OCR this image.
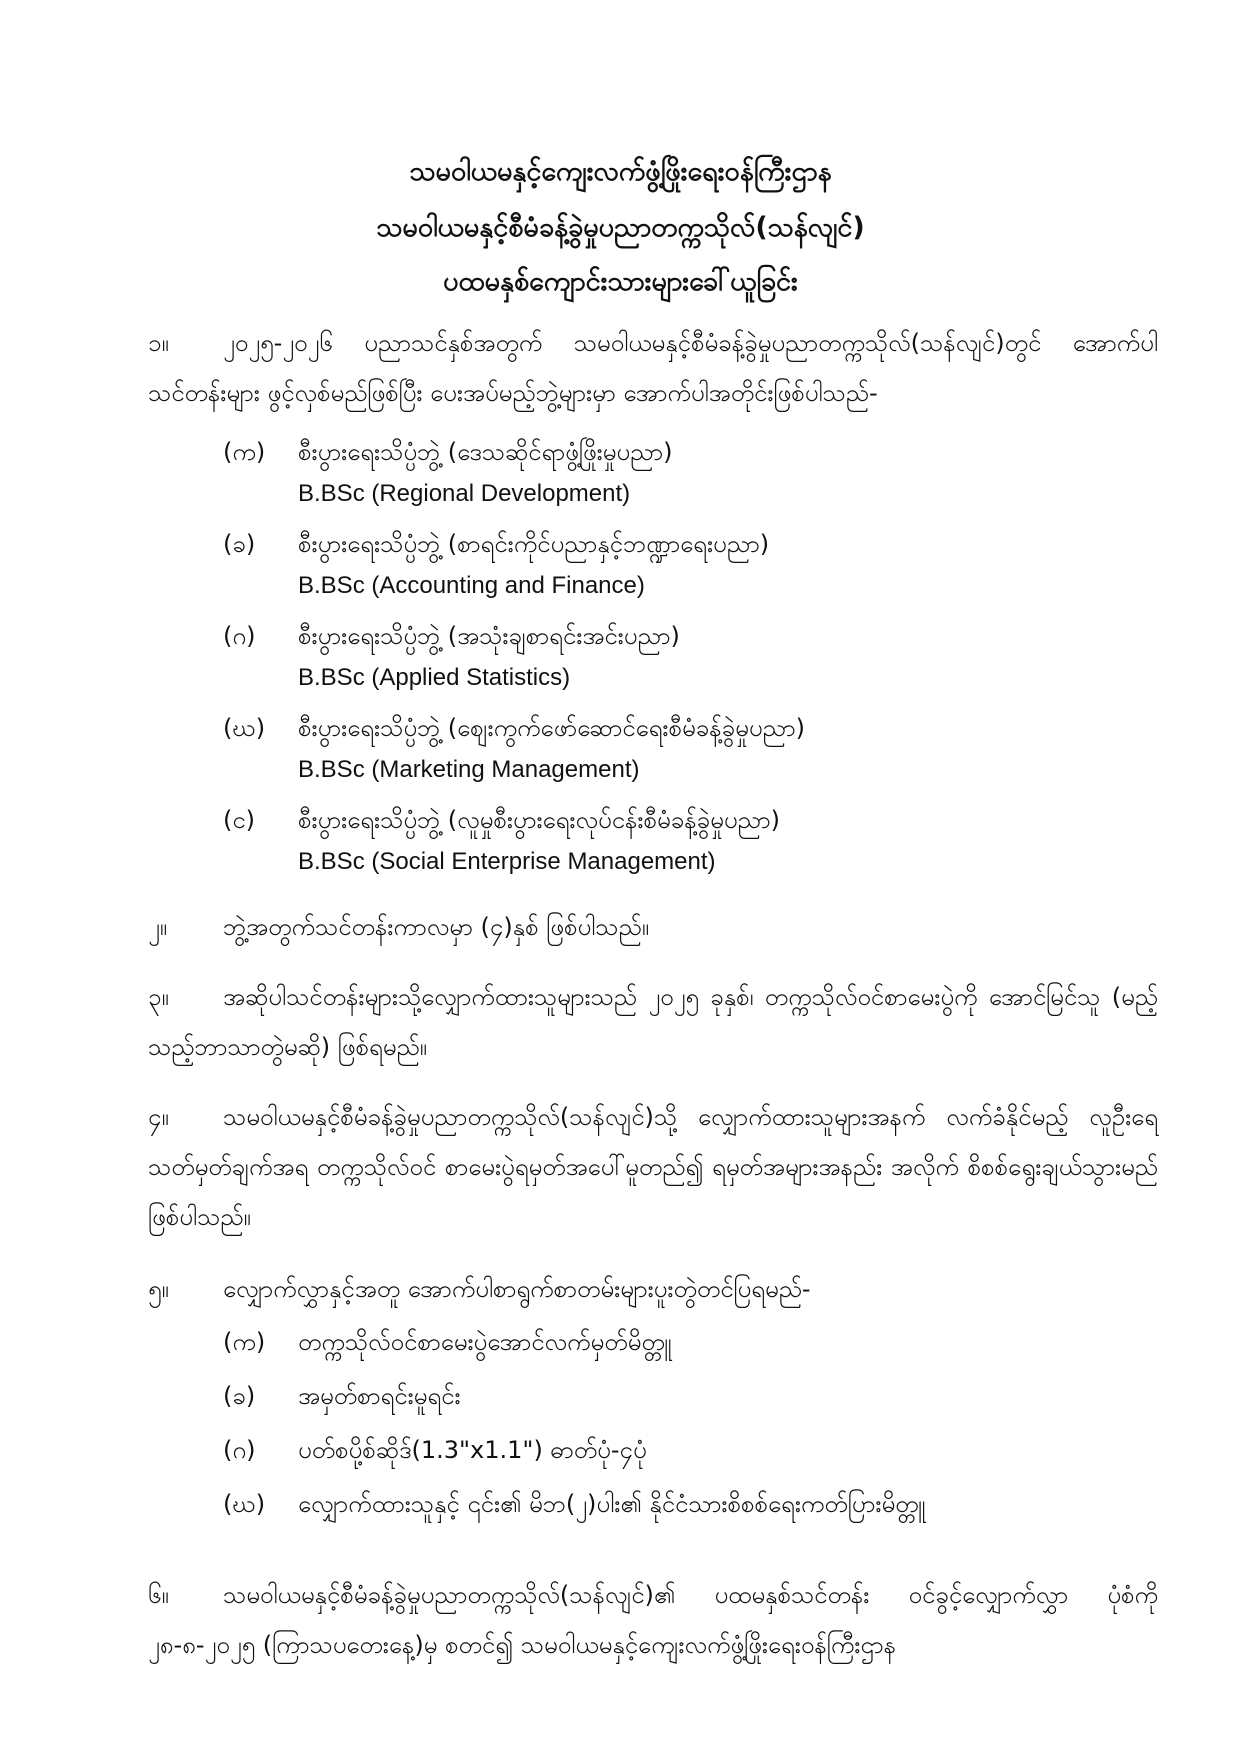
သမဝါယမနှင့်ကျေးလက်ဖွံ့ဖြိုးရေးဝန်ကြီးဌာန
သမဝါယမနှင့်စီမံခန့်ခွဲမှုပညာတက္ကသိုလ်(သန်လျင်)
ပထမနှစ်ကျောင်းသားများခေါ်ယူခြင်း
၁။	၂၀၂၅-၂၀၂၆ ပညာသင်နှစ်အတွက် သမဝါယမနှင့်စီမံခန့်ခွဲမှုပညာတက္ကသိုလ်(သန်လျင်)တွင် အောက်ပါသင်တန်းများ ဖွင့်လှစ်မည်ဖြစ်ပြီး ပေးအပ်မည့်ဘွဲ့များမှာ အောက်ပါအတိုင်းဖြစ်ပါသည်-
(က) စီးပွားရေးသိပ္ပံဘွဲ့ (ဒေသဆိုင်ရာဖွံ့ဖြိုးမှုပညာ)
B.BSc (Regional Development)
(ခ) စီးပွားရေးသိပ္ပံဘွဲ့ (စာရင်းကိုင်ပညာနှင့်ဘဏ္ဍာရေးပညာ)
B.BSc (Accounting and Finance)
(ဂ) စီးပွားရေးသိပ္ပံဘွဲ့ (အသုံးချစာရင်းအင်းပညာ)
B.BSc (Applied Statistics)
(ဃ) စီးပွားရေးသိပ္ပံဘွဲ့ (စျေးကွက်ဖော်ဆောင်ရေးစီမံခန့်ခွဲမှုပညာ)
B.BSc (Marketing Management)
(င) စီးပွားရေးသိပ္ပံဘွဲ့ (လူမှုစီးပွားရေးလုပ်ငန်းစီမံခန့်ခွဲမှုပညာ)
B.BSc (Social Enterprise Management)
၂။	ဘွဲ့အတွက်သင်တန်းကာလမှာ (၄)နှစ် ဖြစ်ပါသည်။
၃။	အဆိုပါသင်တန်းများသို့လျှောက်ထားသူများသည် ၂၀၂၅ ခုနှစ်၊ တက္ကသိုလ်ဝင်စာမေးပွဲကို အောင်မြင်သူ (မည့်သည့်ဘာသာတွဲမဆို) ဖြစ်ရမည်။
၄။	သမဝါယမနှင့်စီမံခန့်ခွဲမှုပညာတက္ကသိုလ်(သန်လျင်)သို့ လျှောက်ထားသူများအနက် လက်ခံနိုင်မည့် လူဦးရေသတ်မှတ်ချက်အရ တက္ကသိုလ်ဝင် စာမေးပွဲရမှတ်အပေါ်မူတည်၍ ရမှတ်အများအနည်း အလိုက် စိစစ်ရွေးချယ်သွားမည်ဖြစ်ပါသည်။
၅။	လျှောက်လွှာနှင့်အတူ အောက်ပါစာရွက်စာတမ်းများပူးတွဲတင်ပြရမည်-
(က) တက္ကသိုလ်ဝင်စာမေးပွဲအောင်လက်မှတ်မိတ္တူ
(ခ) အမှတ်စာရင်းမူရင်း
(ဂ) ပတ်စပို့စ်ဆိုဒ်(1.3"x1.1") ဓာတ်ပုံ-၄ပုံ
(ဃ) လျှောက်ထားသူနှင့် ၎င်း၏ မိဘ(၂)ပါး၏ နိုင်ငံသားစိစစ်ရေးကတ်ပြားမိတ္တူ
၆။	သမဝါယမနှင့်စီမံခန့်ခွဲမှုပညာတက္ကသိုလ်(သန်လျင်)၏ ပထမနှစ်သင်တန်း ဝင်ခွင့်လျှောက်လွှာ ပုံစံကို ၂၈-၈-၂၀၂၅ (ကြာသပတေးနေ့)မှ စတင်၍ သမဝါယမနှင့်ကျေးလက်ဖွံ့ဖြိုးရေးဝန်ကြီးဌာန
